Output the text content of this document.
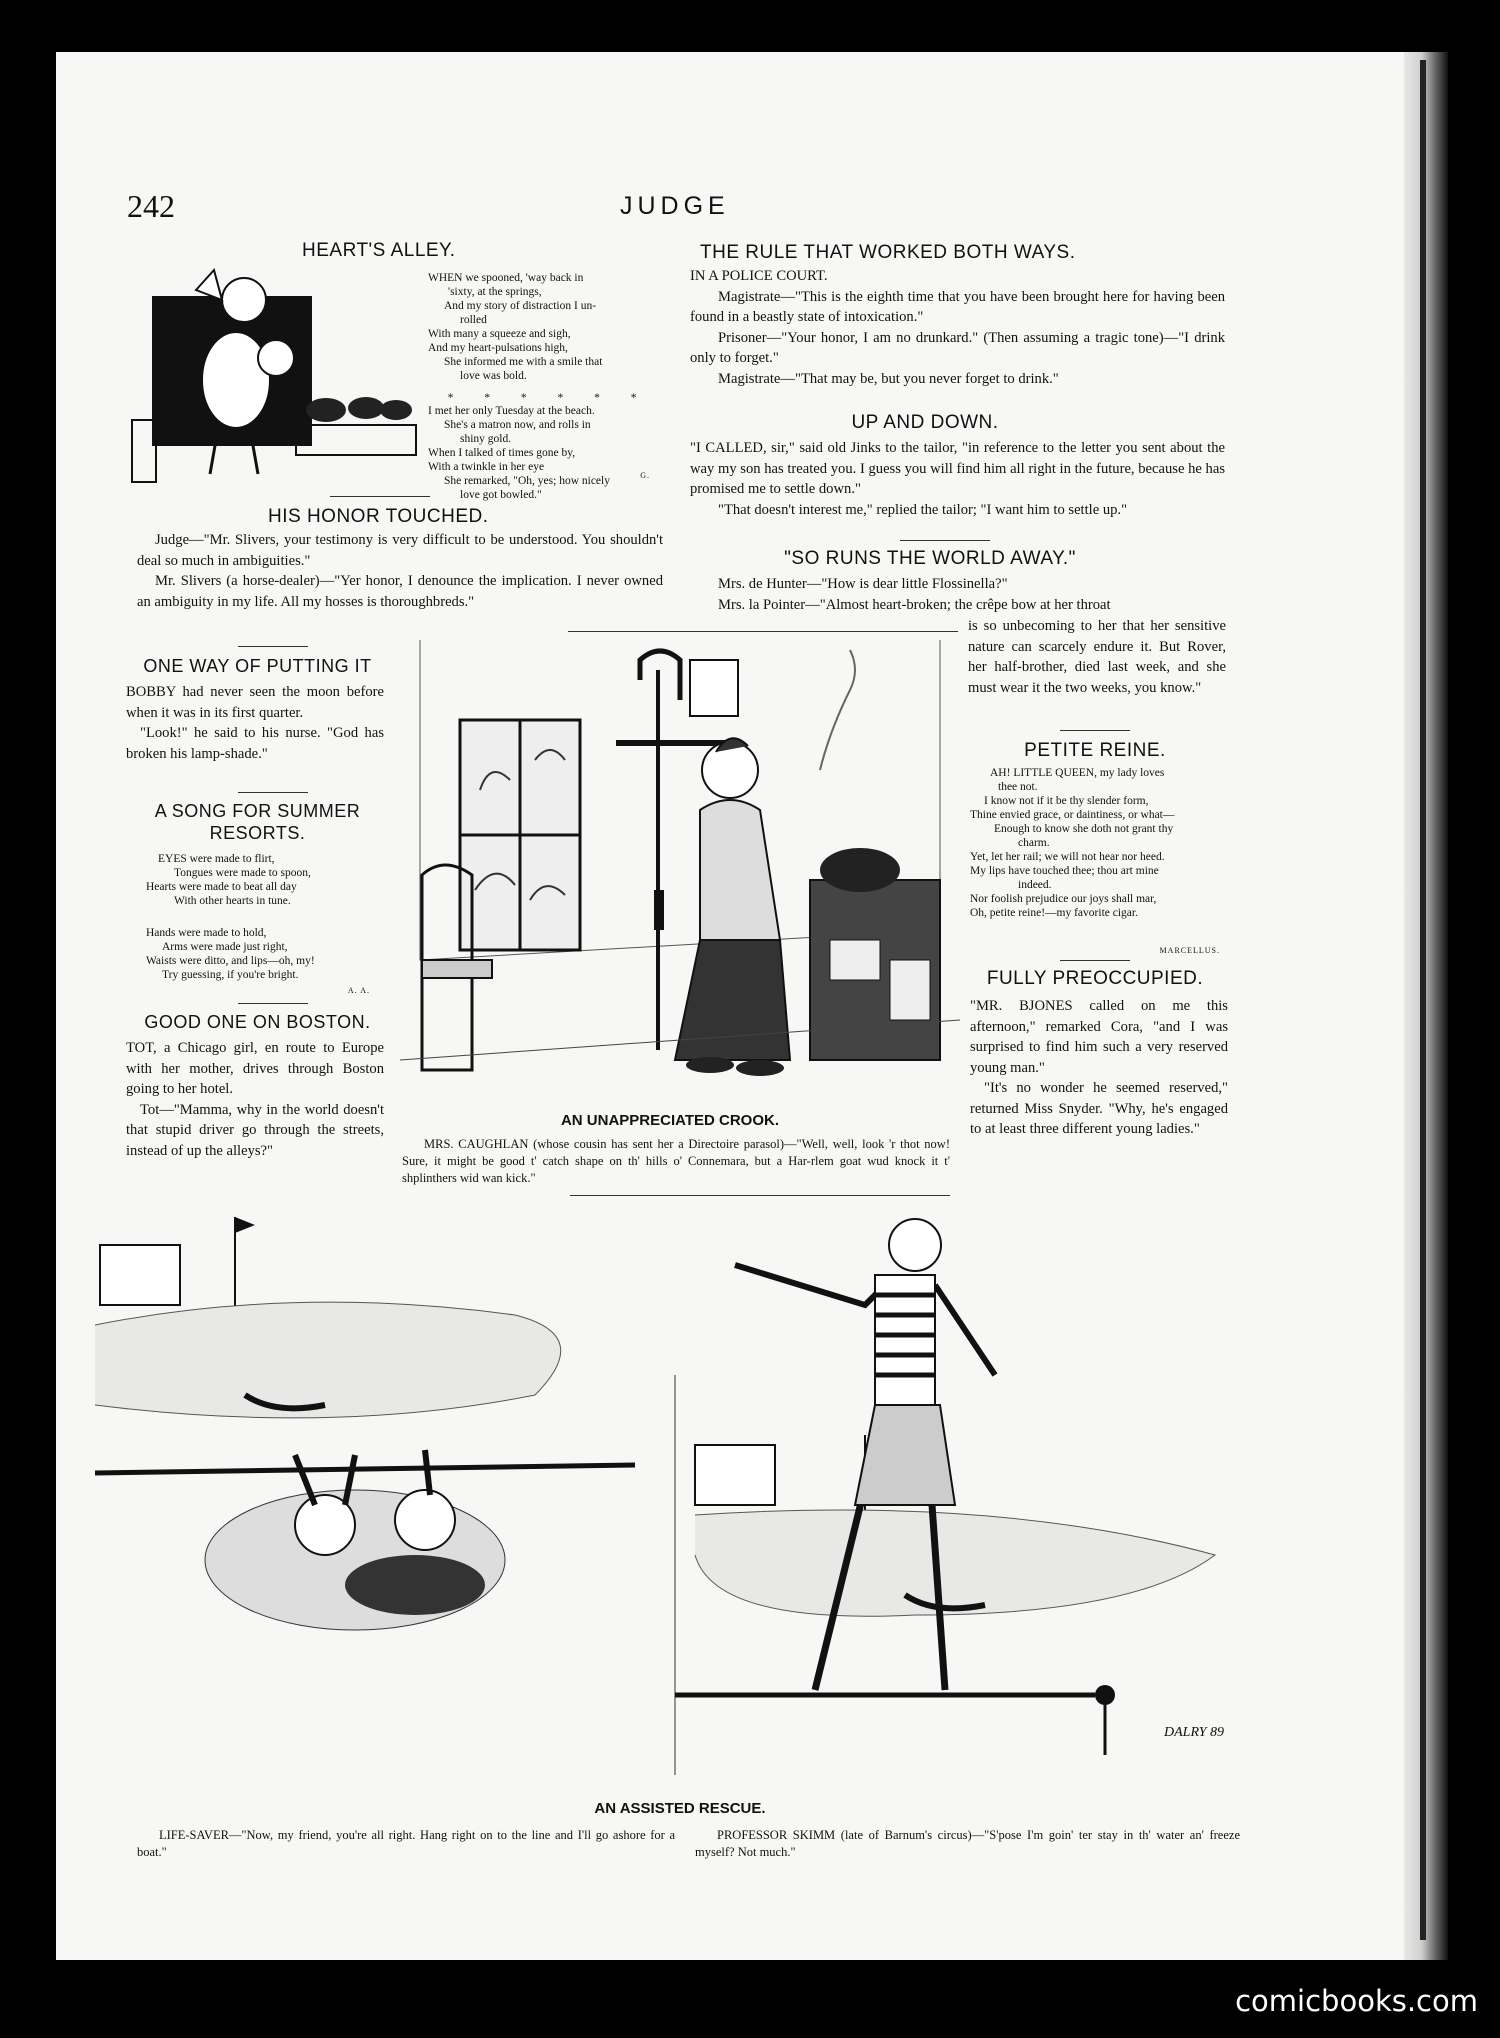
242	JUDGE
HEART'S ALLEY.

WHEN we spooned, 'way back in

'sixty, at the springs,

And my story of distraction I un-

rolled

With many a squeeze and sigh,

And my heart-pulsations high,

She informed me with a smile that

love was bold.

* * * * * *

I met her only Tuesday at the beach.

She's a matron now, and rolls in

shiny gold.

When I talked of times gone by,

With a twinkle in her eye

She remarked, "Oh, yes; how nicely

love got bowled."

G.
HIS HONOR TOUCHED.

Judge—"Mr. Slivers, your testimony is very difficult to be understood. You shouldn't deal so much in ambiguities."

Mr. Slivers (a horse-dealer)—"Yer honor, I denounce the implication. I never owned an ambiguity in my life. All my hosses is thoroughbreds."

THE RULE THAT WORKED BOTH WAYS.

IN A POLICE COURT.

Magistrate—"This is the eighth time that you have been brought here for having been found in a beastly state of intoxication."

Prisoner—"Your honor, I am no drunkard." (Then assuming a tragic tone)—"I drink only to forget."

Magistrate—"That may be, but you never forget to drink."

UP AND DOWN.

"I CALLED, sir," said old Jinks to the tailor, "in reference to the letter you sent about the way my son has treated you. I guess you will find him all right in the future, because he has promised me to settle down."

"That doesn't interest me," replied the tailor; "I want him to settle up."

"SO RUNS THE WORLD AWAY."

Mrs. de Hunter—"How is dear little Flossinella?"

Mrs. la Pointer—"Almost heart-broken; the crêpe bow at her throat

is so unbecoming to her that her sensitive nature can scarcely endure it. But Rover, her half-brother, died last week, and she must wear it the two weeks, you know."
ONE WAY OF PUTTING IT

BOBBY had never seen the moon before when it was in its first quarter.

"Look!" he said to his nurse. "God has broken his lamp-shade."

A SONG FOR SUMMER
RESORTS.

EYES were made to flirt,

Tongues were made to spoon,

Hearts were made to beat all day

With other hearts in tune.

Hands were made to hold,

Arms were made just right,

Waists were ditto, and lips—oh, my!

Try guessing, if you're bright.

A. A.
GOOD ONE ON BOSTON.

TOT, a Chicago girl, en route to Europe with her mother, drives through Boston going to her hotel.

Tot—"Mamma, why in the world doesn't that stupid driver go through the streets, instead of up the alleys?"

AN UNAPPRECIATED CROOK.
MRS. CAUGHLAN (whose cousin has sent her a Directoire parasol)—"Well, well, look 'r thot now! Sure, it might be good t' catch shape on th' hills o' Connemara, but a Har-rlem goat wud knock it t' shplinthers wid wan kick."
PETITE REINE.

AH! LITTLE QUEEN, my lady loves

thee not.

I know not if it be thy slender form,

Thine envied grace, or daintiness, or what—

Enough to know she doth not grant thy

charm.

Yet, let her rail; we will not hear nor heed.

My lips have touched thee; thou art mine

indeed.

Nor foolish prejudice our joys shall mar,

Oh, petite reine!—my favorite cigar.

MARCELLUS.
FULLY PREOCCUPIED.

"MR. BJONES called on me this afternoon," remarked Cora, "and I was surprised to find him such a very reserved young man."

"It's no wonder he seemed reserved," returned Miss Snyder. "Why, he's engaged to at least three different young ladies."

DALRY 89
AN ASSISTED RESCUE.
LIFE-SAVER—"Now, my friend, you're all right. Hang right on to the line and I'll go ashore for a boat."
PROFESSOR SKIMM (late of Barnum's circus)—"S'pose I'm goin' ter stay in th' water an' freeze myself? Not much."
comicbooks.com
